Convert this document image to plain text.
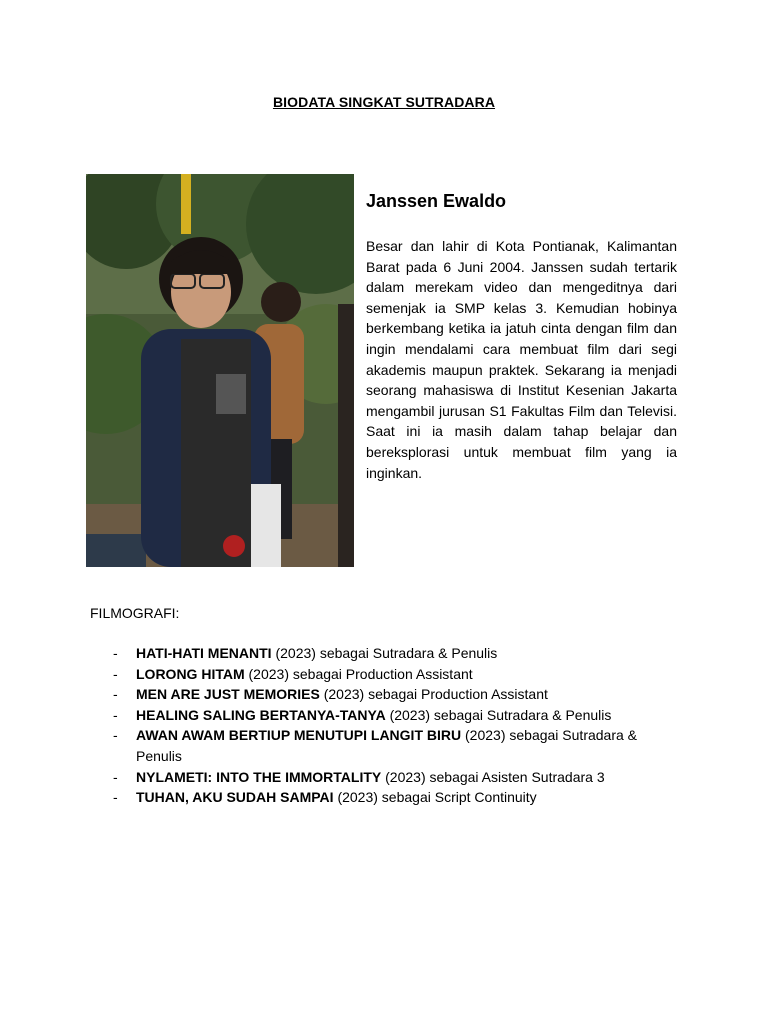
BIODATA SINGKAT SUTRADARA
Janssen Ewaldo

Besar dan lahir di Kota Pontianak, Kalimantan Barat pada 6 Juni 2004. Janssen sudah tertarik dalam merekam video dan mengeditnya dari semenjak ia SMP kelas 3. Kemudian hobinya berkembang ketika ia jatuh cinta dengan film dan ingin mendalami cara membuat film dari segi akademis maupun praktek. Sekarang ia menjadi seorang mahasiswa di Institut Kesenian Jakarta mengambil jurusan S1 Fakultas Film dan Televisi. Saat ini ia masih dalam tahap belajar dan bereksplorasi untuk membuat film yang ia inginkan.

FILMOGRAFI:
- HATI-HATI MENANTI (2023) sebagai Sutradara & Penulis
- LORONG HITAM (2023) sebagai Production Assistant
- MEN ARE JUST MEMORIES (2023) sebagai Production Assistant
- HEALING SALING BERTANYA-TANYA (2023) sebagai Sutradara & Penulis
- AWAN AWAM BERTIUP MENUTUPI LANGIT BIRU (2023) sebagai Sutradara & Penulis
- NYLAMETI: INTO THE IMMORTALITY (2023) sebagai Asisten Sutradara 3
- TUHAN, AKU SUDAH SAMPAI (2023) sebagai Script Continuity
